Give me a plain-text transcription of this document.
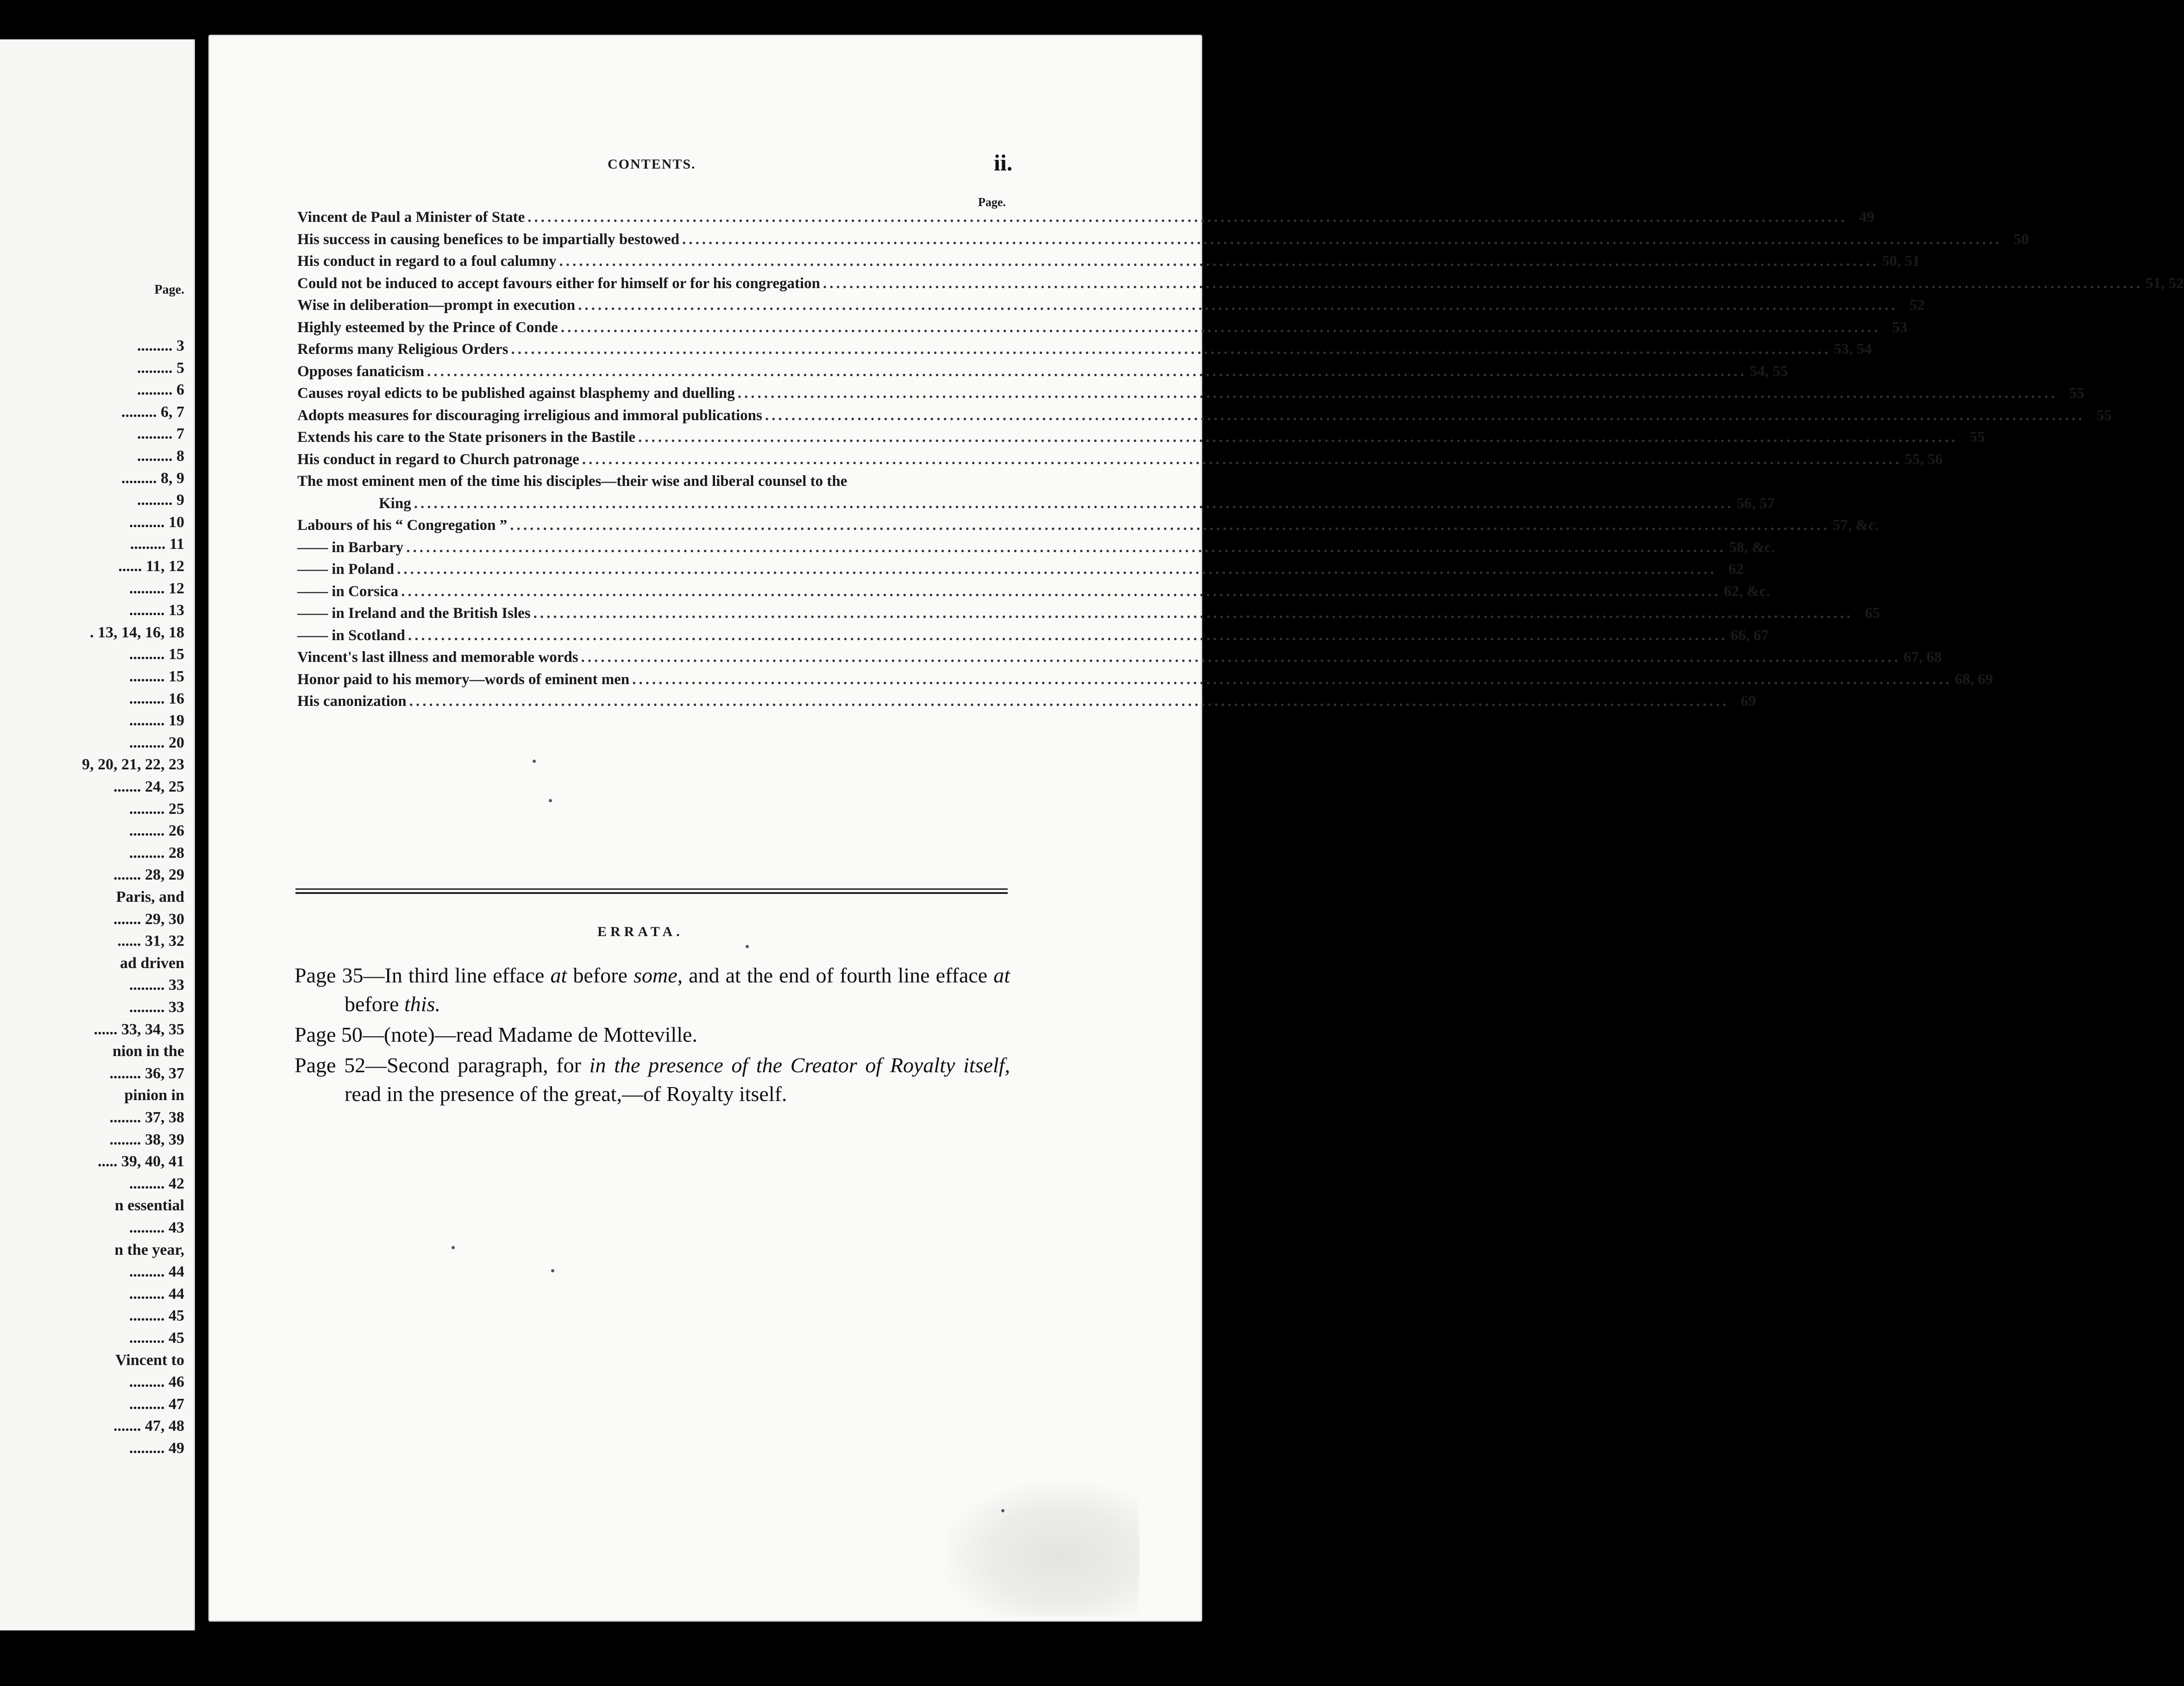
Page.
......... 3
......... 5
......... 6
......... 6, 7
......... 7
......... 8
......... 8, 9
......... 9
......... 10
......... 11
...... 11, 12
......... 12
......... 13
. 13, 14, 16, 18
......... 15
......... 15
......... 16
......... 19
......... 20
9, 20, 21, 22, 23
....... 24, 25
......... 25
......... 26
......... 28
....... 28, 29
Paris, and
....... 29, 30
...... 31, 32
ad driven
......... 33
......... 33
...... 33, 34, 35
nion in the
........ 36, 37
pinion in
........ 37, 38
........ 38, 39
..... 39, 40, 41
......... 42
n essential
......... 43
n the year,
......... 44
......... 44
......... 45
......... 45
Vincent to
......... 46
......... 47
....... 47, 48
......... 49
CONTENTS.	ii.
Page.
Vincent de Paul a Minister of State ........................................................................................................................................................................................................ 49
His success in causing benefices to be impartially bestowed ........................................................................................................................................................................................................ 50
His conduct in regard to a foul calumny ........................................................................................................................................................................................................ 50, 51
Could not be induced to accept favours either for himself or for his congregation ........................................................................................................................................................................................................ 51, 52
Wise in deliberation—prompt in execution ........................................................................................................................................................................................................ 52
Highly esteemed by the Prince of Conde ........................................................................................................................................................................................................ 53
Reforms many Religious Orders ........................................................................................................................................................................................................ 53, 54
Opposes fanaticism ........................................................................................................................................................................................................ 54, 55
Causes royal edicts to be published against blasphemy and duelling ........................................................................................................................................................................................................ 55
Adopts measures for discouraging irreligious and immoral publications ........................................................................................................................................................................................................ 55
Extends his care to the State prisoners in the Bastile ........................................................................................................................................................................................................ 55
His conduct in regard to Church patronage ........................................................................................................................................................................................................ 55, 56
The most eminent men of the time his disciples—their wise and liberal counsel to the
King ........................................................................................................................................................................................................ 56, 57
Labours of his “ Congregation ” ........................................................................................................................................................................................................ 57, &c.
—— in Barbary ........................................................................................................................................................................................................ 58, &c.
—— in Poland ........................................................................................................................................................................................................ 62
—— in Corsica ........................................................................................................................................................................................................ 62, &c.
—— in Ireland and the British Isles ........................................................................................................................................................................................................ 65
—— in Scotland ........................................................................................................................................................................................................ 66, 67
Vincent's last illness and memorable words ........................................................................................................................................................................................................ 67, 68
Honor paid to his memory—words of eminent men ........................................................................................................................................................................................................ 68, 69
His canonization ........................................................................................................................................................................................................ 69
ERRATA.
Page 35—In third line efface at before some, and at the end of fourth line efface at before this.
Page 50—(note)—read Madame de Motteville.
Page 52—Second paragraph, for in the presence of the Creator of Royalty itself, read in the presence of the great,—of Royalty itself.
